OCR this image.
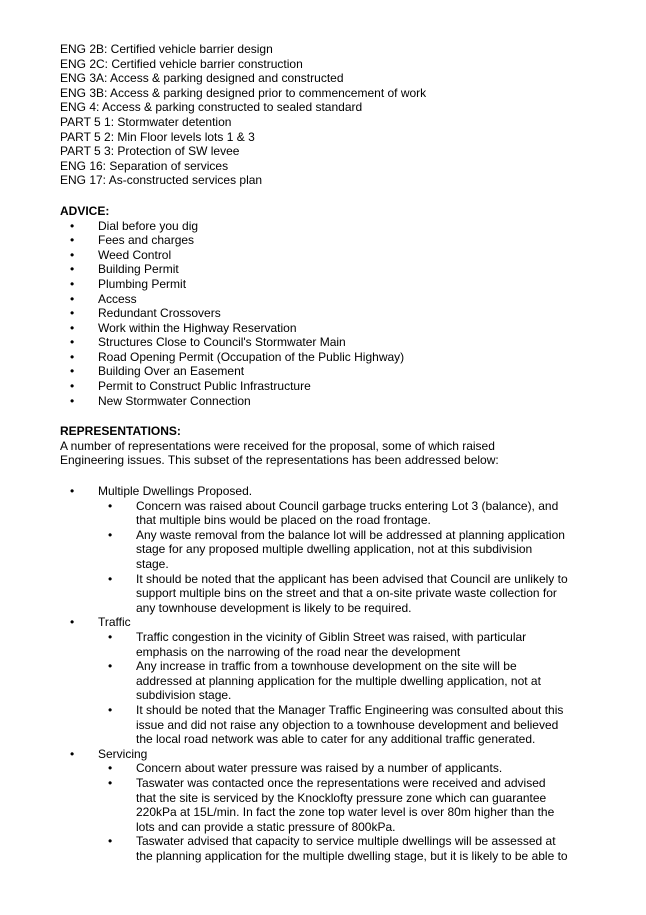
ENG 2B: Certified vehicle barrier design

ENG 2C: Certified vehicle barrier construction

ENG 3A: Access & parking designed and constructed

ENG 3B: Access & parking designed prior to commencement of work

ENG 4: Access & parking constructed to sealed standard

PART 5 1: Stormwater detention

PART 5 2: Min Floor levels lots 1 & 3

PART 5 3: Protection of SW levee

ENG 16: Separation of services

ENG 17: As-constructed services plan

ADVICE:
• Dial before you dig
• Fees and charges
• Weed Control
• Building Permit
• Plumbing Permit
• Access
• Redundant Crossovers
• Work within the Highway Reservation
• Structures Close to Council's Stormwater Main
• Road Opening Permit (Occupation of the Public Highway)
• Building Over an Easement
• Permit to Construct Public Infrastructure
• New Stormwater Connection
REPRESENTATIONS:

A number of representations were received for the proposal, some of which raised

Engineering issues. This subset of the representations has been addressed below:

• Multiple Dwellings Proposed.
• Concern was raised about Council garbage trucks entering Lot 3 (balance), and
that multiple bins would be placed on the road frontage.
• Any waste removal from the balance lot will be addressed at planning application
stage for any proposed multiple dwelling application, not at this subdivision
stage.
• It should be noted that the applicant has been advised that Council are unlikely to
support multiple bins on the street and that a on-site private waste collection for
any townhouse development is likely to be required.
• Traffic
• Traffic congestion in the vicinity of Giblin Street was raised, with particular
emphasis on the narrowing of the road near the development
• Any increase in traffic from a townhouse development on the site will be
addressed at planning application for the multiple dwelling application, not at
subdivision stage.
• It should be noted that the Manager Traffic Engineering was consulted about this
issue and did not raise any objection to a townhouse development and believed
the local road network was able to cater for any additional traffic generated.
• Servicing
• Concern about water pressure was raised by a number of applicants.
• Taswater was contacted once the representations were received and advised
that the site is serviced by the Knocklofty pressure zone which can guarantee
220kPa at 15L/min. In fact the zone top water level is over 80m higher than the
lots and can provide a static pressure of 800kPa.
• Taswater advised that capacity to service multiple dwellings will be assessed at
the planning application for the multiple dwelling stage, but it is likely to be able to
